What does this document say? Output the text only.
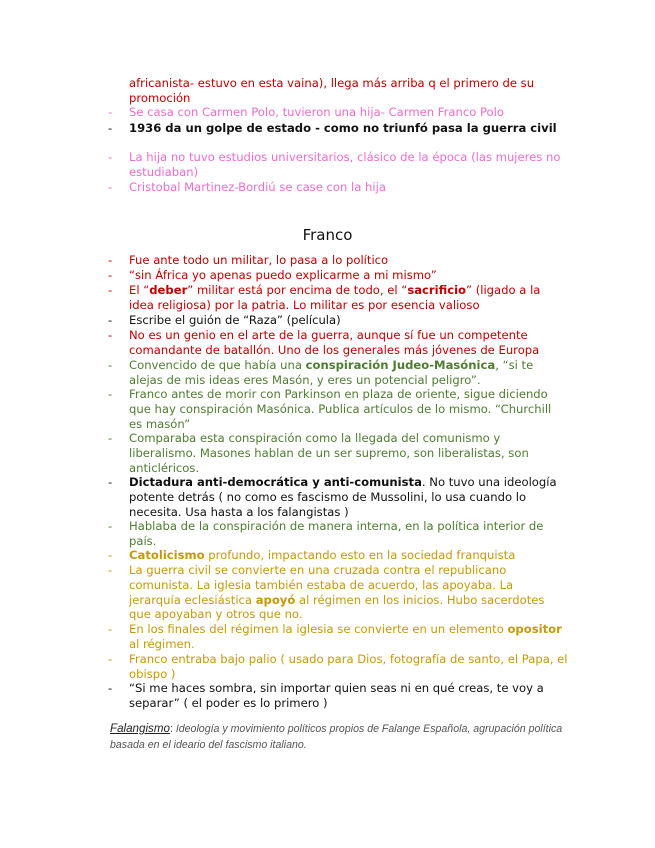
africanista- estuvo en esta vaina), llega más arriba q el primero de su promoción
-	Se casa con Carmen Polo, tuvieron una hija- Carmen Franco Polo
-	1936 da un golpe de estado - como no triunfó pasa la guerra civil
-	La hija no tuvo estudios universitarios, clásico de la época (las mujeres no estudiaban)
-	Cristobal Martinez-Bordiú se case con la hija
Franco
-	Fue ante todo un militar, lo pasa a lo político
-	“sin África yo apenas puedo explicarme a mi mismo”
-	El “deber” militar está por encima de todo, el “sacrificio” (ligado a la idea religiosa) por la patria. Lo militar es por esencia valioso
-	Escribe el guión de “Raza” (película)
-	No es un genio en el arte de la guerra, aunque sí fue un competente comandante de batallón. Uno de los generales más jóvenes de Europa
-	Convencido de que había una conspiración Judeo-Masónica, “si te alejas de mis ideas eres Masón, y eres un potencial peligro”.
-	Franco antes de morir con Parkinson en plaza de oriente, sigue diciendo que hay conspiración Masónica. Publica artículos de lo mismo. “Churchill es masón”
-	Comparaba esta conspiración como la llegada del comunismo y liberalismo. Masones hablan de un ser supremo, son liberalistas, son anticléricos.
-	Dictadura anti-democrática y anti-comunista. No tuvo una ideología potente detrás ( no como es fascismo de Mussolini, lo usa cuando lo necesita. Usa hasta a los falangistas )
-	Hablaba de la conspiración de manera interna, en la política interior de país.
-	Catolicismo profundo, impactando esto en la sociedad franquista
-	La guerra civil se convierte en una cruzada contra el republicano comunista. La iglesia también estaba de acuerdo, las apoyaba. La jerarquía eclesiástica apoyó al régimen en los inicios. Hubo sacerdotes que apoyaban y otros que no.
-	En los finales del régimen la iglesia se convierte en un elemento opositor al régimen.
-	Franco entraba bajo palio ( usado para Dios, fotografía de santo, el Papa, el obispo )
-	“Si me haces sombra, sin importar quien seas ni en qué creas, te voy a separar” ( el poder es lo primero )
Falangismo: Ideología y movimiento políticos propios de Falange Española, agrupación política basada en el ideario del fascismo italiano.
